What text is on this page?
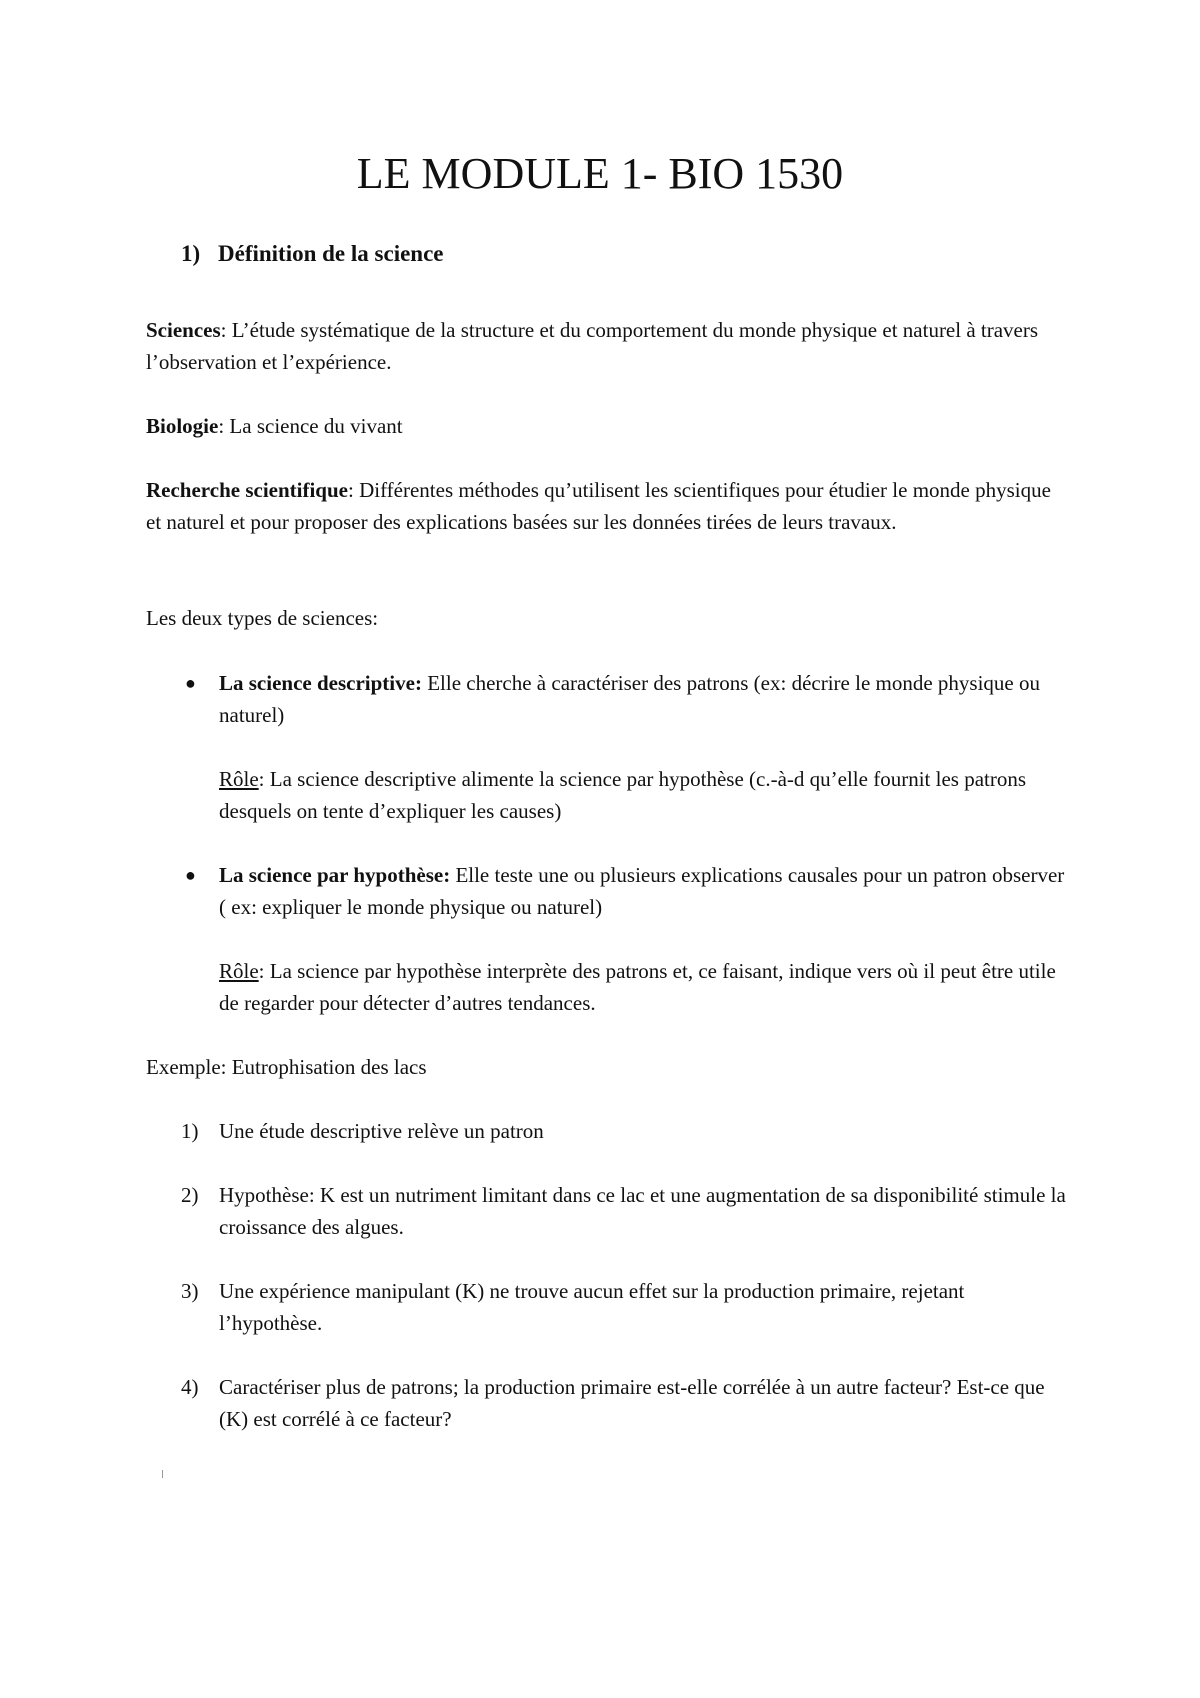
LE MODULE 1- BIO 1530
1) Définition de la science

Sciences: L’étude systématique de la structure et du comportement du monde physique et naturel à travers l’observation et l’expérience.

Biologie: La science du vivant

Recherche scientifique: Différentes méthodes qu’utilisent les scientifiques pour étudier le monde physique et naturel et pour proposer des explications basées sur les données tirées de leurs travaux.

Les deux types de sciences:

● La science descriptive: Elle cherche à caractériser des patrons (ex: décrire le monde physique ou naturel)

Rôle: La science descriptive alimente la science par hypothèse (c.-à-d qu’elle fournit les patrons desquels on tente d’expliquer les causes)

● La science par hypothèse: Elle teste une ou plusieurs explications causales pour un patron observer ( ex: expliquer le monde physique ou naturel)

Rôle: La science par hypothèse interprète des patrons et, ce faisant, indique vers où il peut être utile de regarder pour détecter d’autres tendances.

Exemple: Eutrophisation des lacs

1) Une étude descriptive relève un patron

2) Hypothèse: K est un nutriment limitant dans ce lac et une augmentation de sa disponibilité stimule la croissance des algues.

3) Une expérience manipulant (K) ne trouve aucun effet sur la production primaire, rejetant l’hypothèse.

4) Caractériser plus de patrons; la production primaire est-elle corrélée à un autre facteur? Est-ce que (K) est corrélé à ce facteur?
